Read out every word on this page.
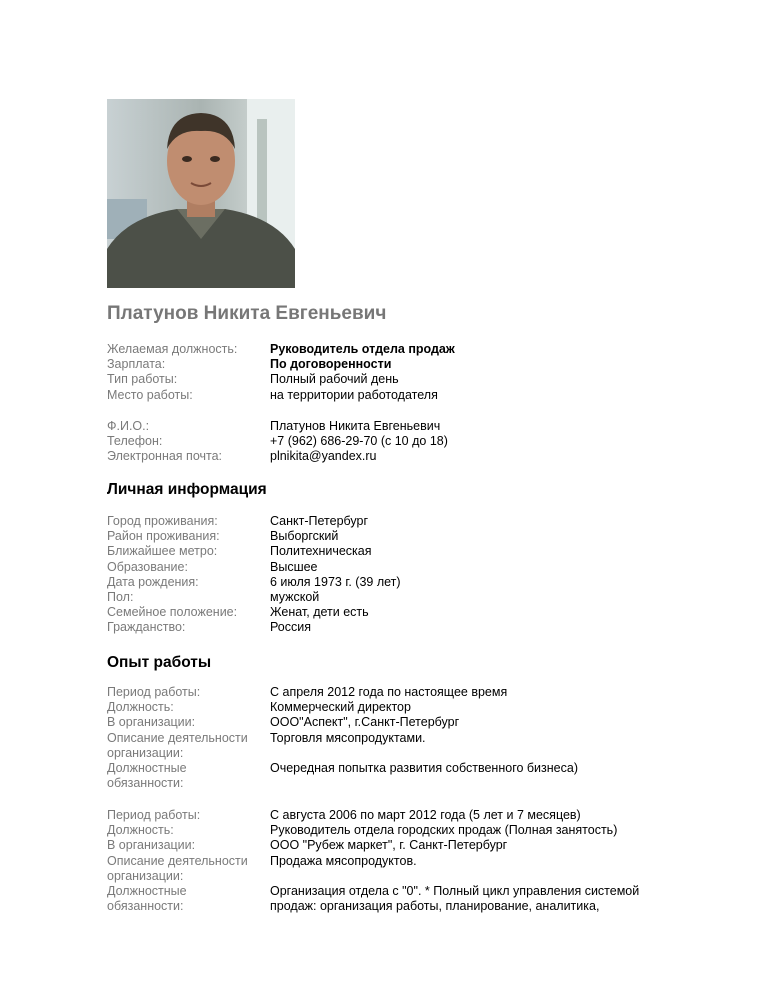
Платунов Никита Евгеньевич
Желаемая должность:	Руководитель отдела продаж
Зарплата:	По договоренности
Тип работы:	Полный рабочий день
Место работы:	на территории работодателя
Ф.И.О.:	Платунов Никита Евгеньевич
Телефон:	+7 (962) 686-29-70 (с 10 до 18)
Электронная почта:	plnikita@yandex.ru
Личная информация
Город проживания:	Санкт-Петербург
Район проживания:	Выборгский
Ближайшее метро:	Политехническая
Образование:	Высшее
Дата рождения:	6 июля 1973 г. (39 лет)
Пол:	мужской
Семейное положение:	Женат, дети есть
Гражданство:	Россия
Опыт работы
Период работы:	С апреля 2012 года по настоящее время
Должность:	Коммерческий директор
В организации:	ООО"Аспект", г.Санкт-Петербург
Описание деятельности	Торговля мясопродуктами.
организации:
Должностные	Очередная попытка развития собственного бизнеса)
обязанности:
Период работы:	С августа 2006 по март 2012 года (5 лет и 7 месяцев)
Должность:	Руководитель отдела городских продаж (Полная занятость)
В организации:	ООО "Рубеж маркет", г. Санкт-Петербург
Описание деятельности	Продажа мясопродуктов.
организации:
Должностные	Организация отдела с "0". * Полный цикл управления системой
обязанности:	продаж: организация работы, планирование, аналитика,
